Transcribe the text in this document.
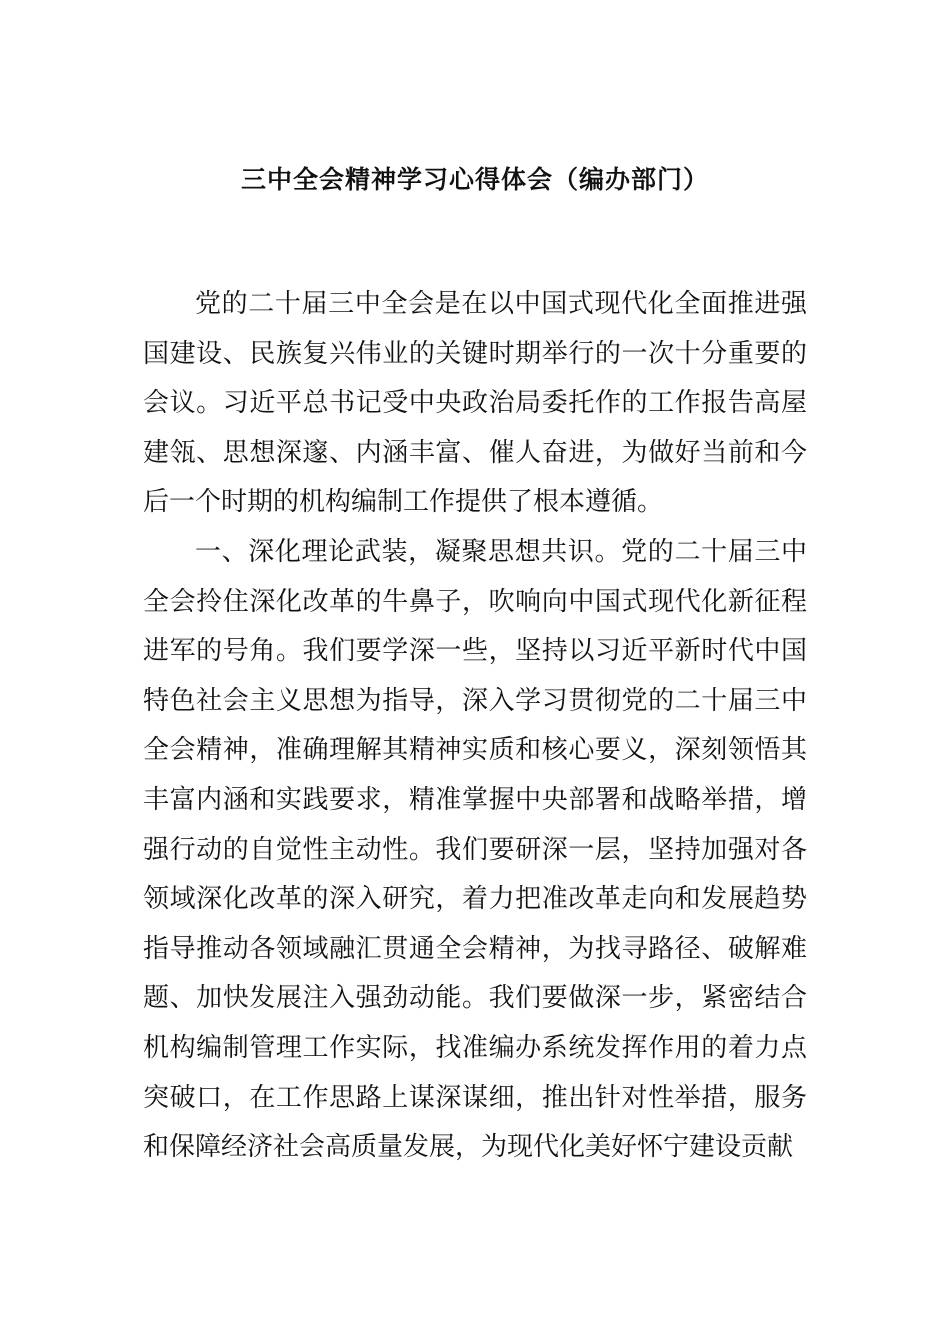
三中全会精神学习心得体会（编办部门）

党的二十届三中全会是在以中国式现代化全面推进强国建设、民族复兴伟业的关键时期举行的一次十分重要的会议。习近平总书记受中央政治局委托作的工作报告高屋建瓴、思想深邃、内涵丰富、催人奋进，为做好当前和今后一个时期的机构编制工作提供了根本遵循。

一、深化理论武装，凝聚思想共识。党的二十届三中全会拎住深化改革的牛鼻子，吹响向中国式现代化新征程进军的号角。我们要学深一些，坚持以习近平新时代中国特色社会主义思想为指导，深入学习贯彻党的二十届三中全会精神，准确理解其精神实质和核心要义，深刻领悟其丰富内涵和实践要求，精准掌握中央部署和战略举措，增强行动的自觉性主动性。我们要研深一层，坚持加强对各领域深化改革的深入研究，着力把准改革走向和发展趋势指导推动各领域融汇贯通全会精神，为找寻路径、破解难题、加快发展注入强劲动能。我们要做深一步，紧密结合机构编制管理工作实际，找准编办系统发挥作用的着力点突破口，在工作思路上谋深谋细，推出针对性举措，服务和保障经济社会高质量发展，为现代化美好怀宁建设贡献
